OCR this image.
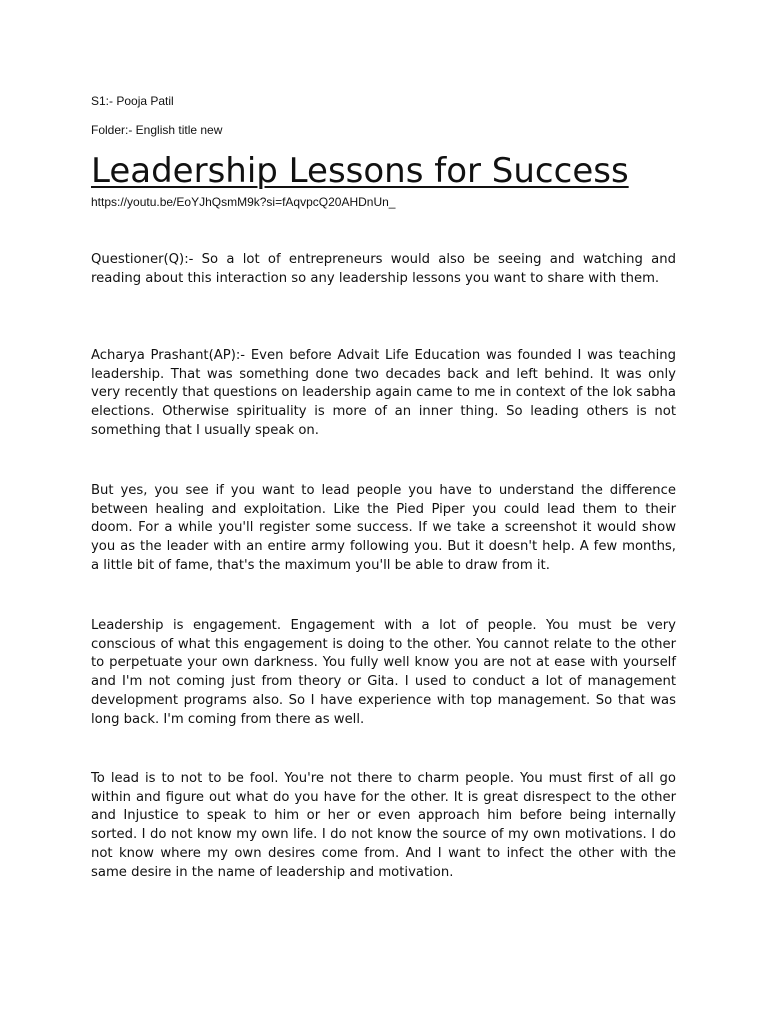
S1:- Pooja Patil

Folder:- English title new

Leadership Lessons for Success

https://youtu.be/EoYJhQsmM9k?si=fAqvpcQ20AHDnUn_

Questioner(Q):- So a lot of entrepreneurs would also be seeing and watching and reading about this interaction so any leadership lessons you want to share with them.

Acharya Prashant(AP):- Even before Advait Life Education was founded I was teaching leadership. That was something done two decades back and left behind. It was only very recently that questions on leadership again came to me in context of the lok sabha elections. Otherwise spirituality is more of an inner thing. So leading others is not something that I usually speak on.

But yes, you see if you want to lead people you have to understand the difference between healing and exploitation. Like the Pied Piper you could lead them to their doom. For a while you'll register some success. If we take a screenshot it would show you as the leader with an entire army following you. But it doesn't help. A few months, a little bit of fame, that's the maximum you'll be able to draw from it.

Leadership is engagement. Engagement with a lot of people. You must be very conscious of what this engagement is doing to the other. You cannot relate to the other to perpetuate your own darkness. You fully well know you are not at ease with yourself and I'm not coming just from theory or Gita. I used to conduct a lot of management development programs also. So I have experience with top management. So that was long back. I'm coming from there as well.

To lead is to not to be fool. You're not there to charm people. You must first of all go within and figure out what do you have for the other. It is great disrespect to the other and Injustice to speak to him or her or even approach him before being internally sorted. I do not know my own life. I do not know the source of my own motivations. I do not know where my own desires come from. And I want to infect the other with the same desire in the name of leadership and motivation.
